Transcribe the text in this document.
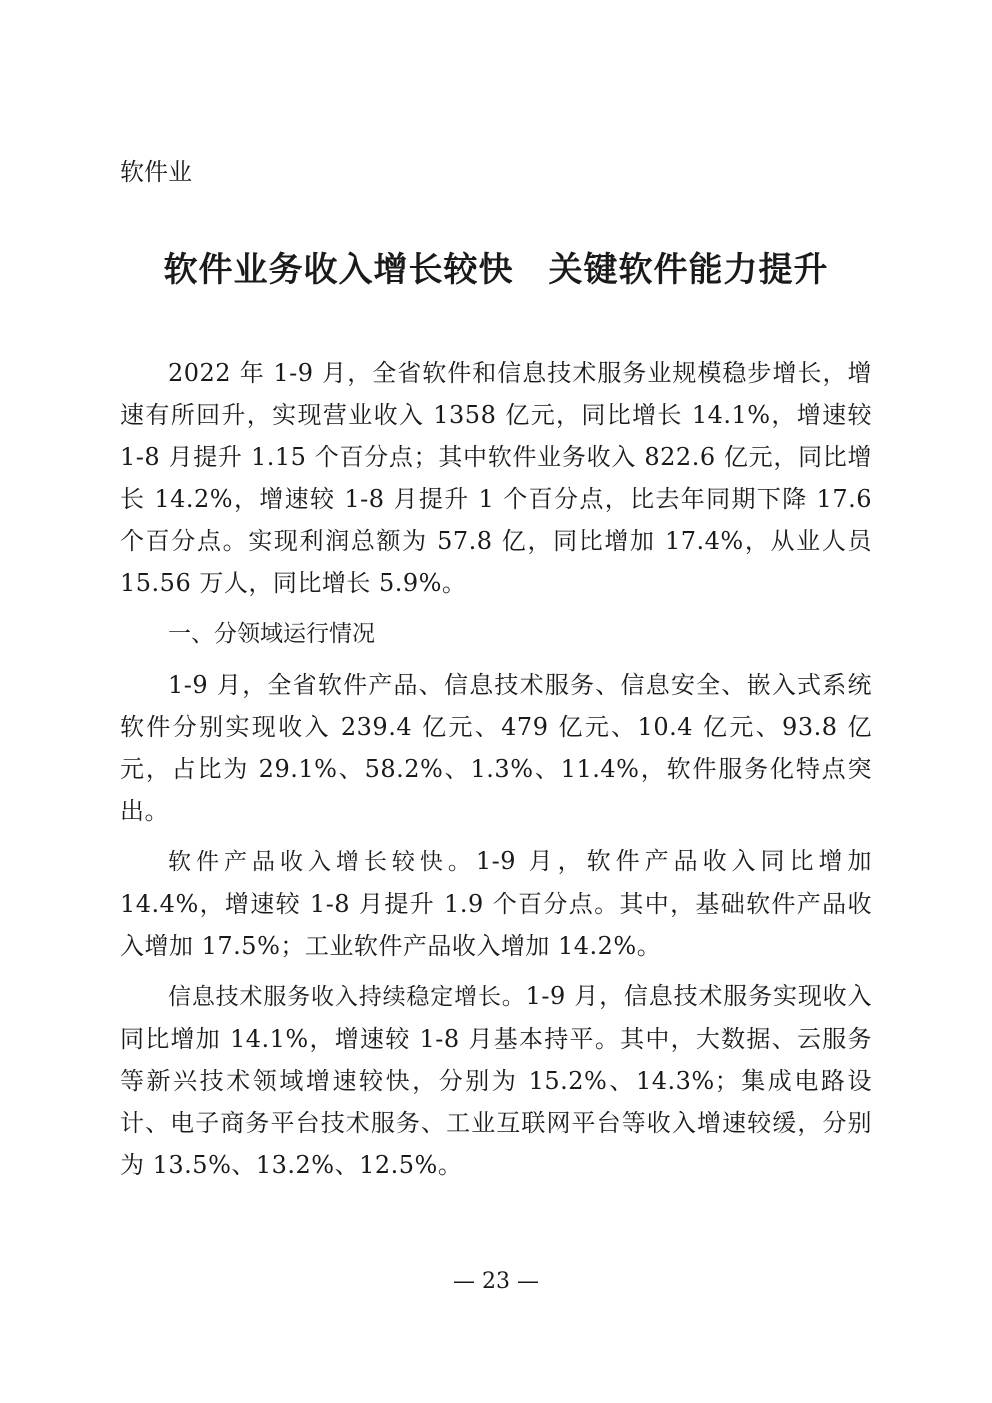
软件业
软件业务收入增长较快　关键软件能力提升

2022 年 1-9 月，全省软件和信息技术服务业规模稳步增长，增速有所回升，实现营业收入 1358 亿元，同比增长 14.1%，增速较 1-8 月提升 1.15 个百分点；其中软件业务收入 822.6 亿元，同比增长 14.2%，增速较 1-8 月提升 1 个百分点，比去年同期下降 17.6 个百分点。实现利润总额为 57.8 亿，同比增加 17.4%，从业人员 15.56 万人，同比增长 5.9%。

一、分领域运行情况

1-9 月，全省软件产品、信息技术服务、信息安全、嵌入式系统软件分别实现收入 239.4 亿元、479 亿元、10.4 亿元、93.8 亿元，占比为 29.1%、58.2%、1.3%、11.4%，软件服务化特点突出。

软件产品收入增长较快。1-9 月，软件产品收入同比增加 14.4%，增速较 1-8 月提升 1.9 个百分点。其中，基础软件产品收入增加 17.5%；工业软件产品收入增加 14.2%。

信息技术服务收入持续稳定增长。1-9 月，信息技术服务实现收入同比增加 14.1%，增速较 1-8 月基本持平。其中，大数据、云服务等新兴技术领域增速较快，分别为 15.2%、14.3%；集成电路设计、电子商务平台技术服务、工业互联网平台等收入增速较缓，分别为 13.5%、13.2%、12.5%。

— 23 —
